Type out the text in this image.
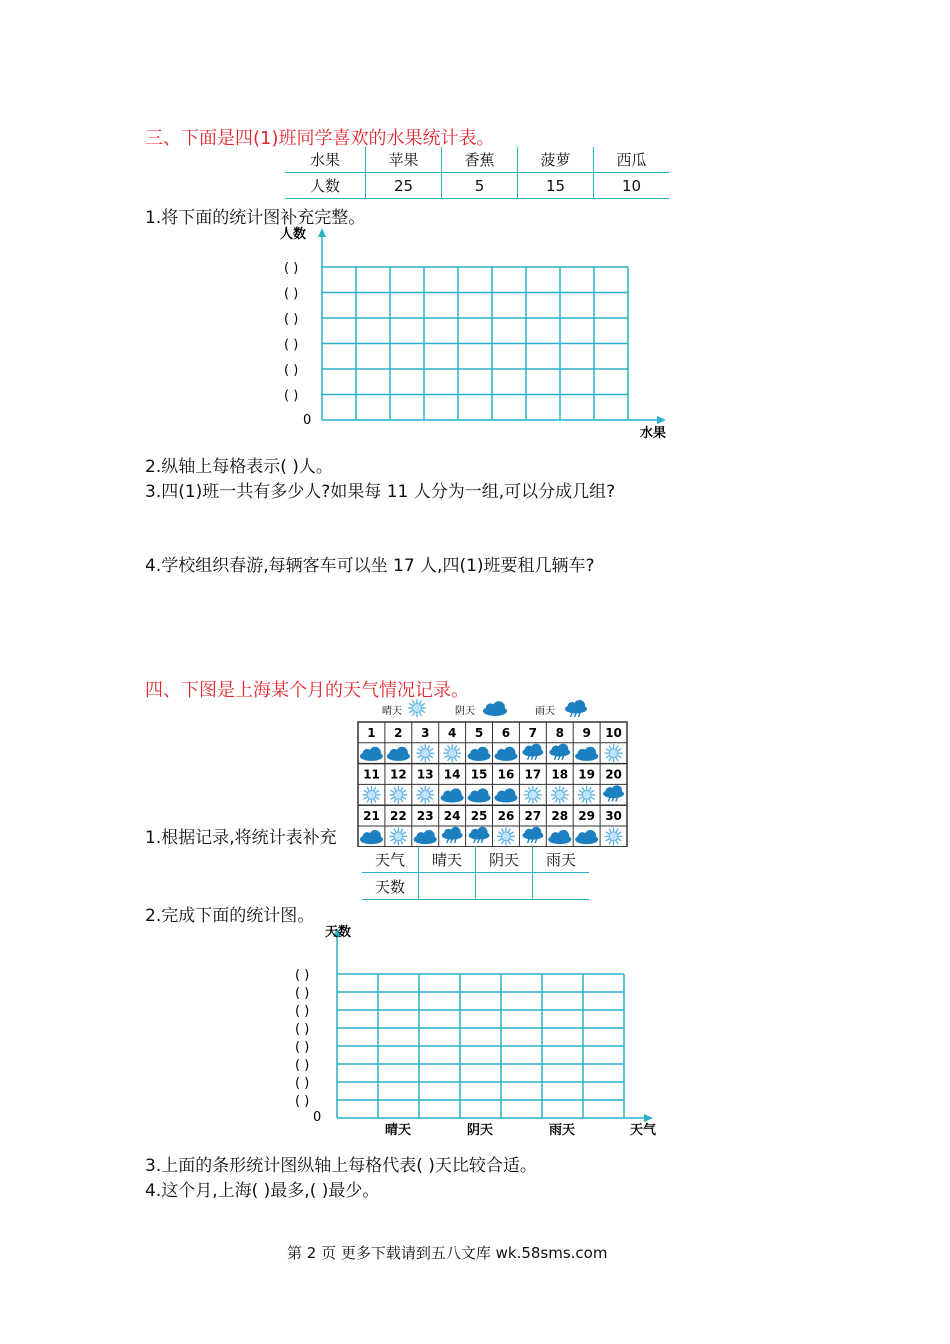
三、下面是四(1)班同学喜欢的水果统计表。
水果	苹果	香蕉	菠萝	西瓜
人数	25	5	15	10
1.将下面的统计图补充完整。
人数
水果
0
( )
( )
( )
( )
( )
( )
2.纵轴上每格表示( )人。
3.四(1)班一共有多少人?如果每 11 人分为一组,可以分成几组?
4.学校组织春游,每辆客车可以坐 17 人,四(1)班要租几辆车?
四、下图是上海某个月的天气情况记录。
晴天	阴天	雨天
1 2 3 4 5 6 7 8 9 10
11 12 13 14 15 16 17 18 19 20
21 22 23 24 25 26 27 28 29 30
1.根据记录,将统计表补充
天气	晴天	阴天	雨天
天数			
2.完成下面的统计图。
天数
天气
0
( )
( )
( )
( )
( )
( )
( )
( )
晴天	阴天	雨天
3.上面的条形统计图纵轴上每格代表( )天比较合适。
4.这个月,上海( )最多,( )最少。
第 2 页 更多下载请到五八文库 wk.58sms.com
